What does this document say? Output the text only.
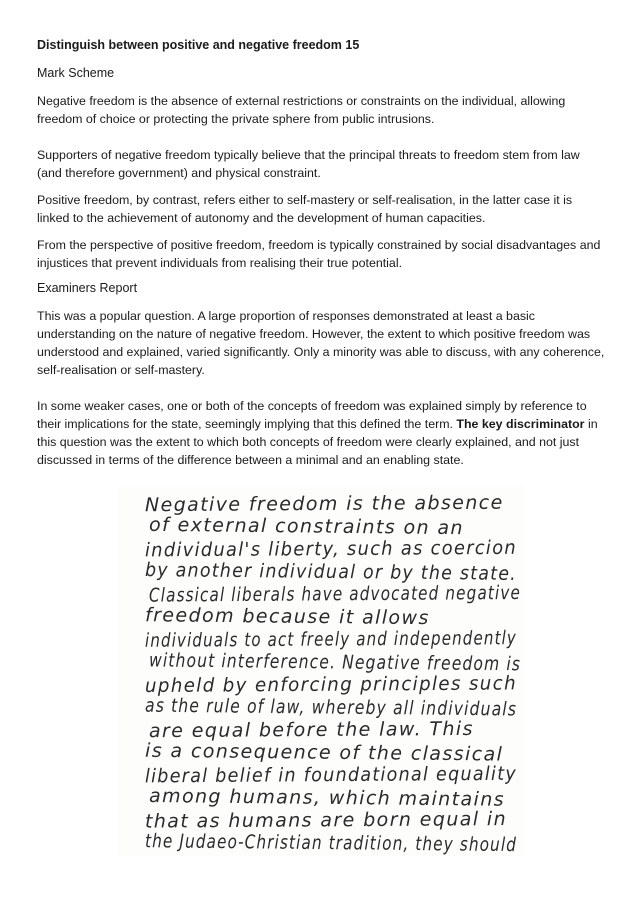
Distinguish between positive and negative freedom 15
Mark Scheme

Negative freedom is the absence of external restrictions or constraints on the individual, allowing freedom of choice or protecting the private sphere from public intrusions.

Supporters of negative freedom typically believe that the principal threats to freedom stem from law (and therefore government) and physical constraint.

Positive freedom, by contrast, refers either to self-mastery or self-realisation, in the latter case it is linked to the achievement of autonomy and the development of human capacities.

From the perspective of positive freedom, freedom is typically constrained by social disadvantages and injustices that prevent individuals from realising their true potential.

Examiners Report

This was a popular question. A large proportion of responses demonstrated at least a basic understanding on the nature of negative freedom. However, the extent to which positive freedom was understood and explained, varied significantly. Only a minority was able to discuss, with any coherence, self-realisation or self-mastery.

In some weaker cases, one or both of the concepts of freedom was explained simply by reference to their implications for the state, seemingly implying that this defined the term. The key discriminator in this question was the extent to which both concepts of freedom were clearly explained, and not just discussed in terms of the difference between a minimal and an enabling state.

Negative freedom is the absence
of external constraints on an
individual's liberty, such as coercion
by another individual or by the state.
Classical liberals have advocated negative
freedom because it allows
individuals to act freely and independently
without interference. Negative freedom is
upheld by enforcing principles such
as the rule of law, whereby all individuals
are equal before the law. This
is a consequence of the classical
liberal belief in foundational equality
among humans, which maintains
that as humans are born equal in
the Judaeo-Christian tradition, they should
